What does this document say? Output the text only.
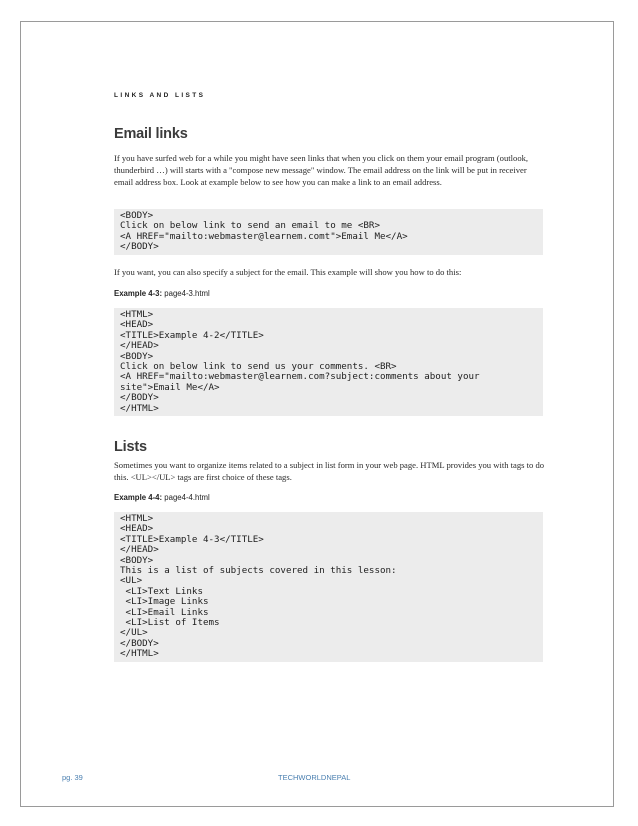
LINKS AND LISTS
Email links

If you have surfed web for a while you might have seen links that when you click on them your email program (outlook, thunderbird …) will starts with a "compose new message" window. The email address on the link will be put in receiver email address box. Look at example below to see how you can make a link to an email address.

<BODY>
Click on below link to send an email to me <BR>
<A HREF="mailto:webmaster@learnem.comt">Email Me</A>
</BODY>

If you want, you can also specify a subject for the email. This example will show you how to do this:

Example 4-3: page4-3.html
<HTML>
<HEAD>
<TITLE>Example 4-2</TITLE>
</HEAD>
<BODY>
Click on below link to send us your comments. <BR>
<A HREF="mailto:webmaster@learnem.com?subject:comments about your
site">Email Me</A>
</BODY>
</HTML>
Lists

Sometimes you want to organize items related to a subject in list form in your web page. HTML provides you with tags to do this. <UL></UL> tags are first choice of these tags.

Example 4-4: page4-4.html
<HTML>
<HEAD>
<TITLE>Example 4-3</TITLE>
</HEAD>
<BODY>
This is a list of subjects covered in this lesson:
<UL>
<LI>Text Links
<LI>Image Links
<LI>Email Links
<LI>List of Items
</UL>
</BODY>
</HTML>
pg. 39	TECHWORLDNEPAL
